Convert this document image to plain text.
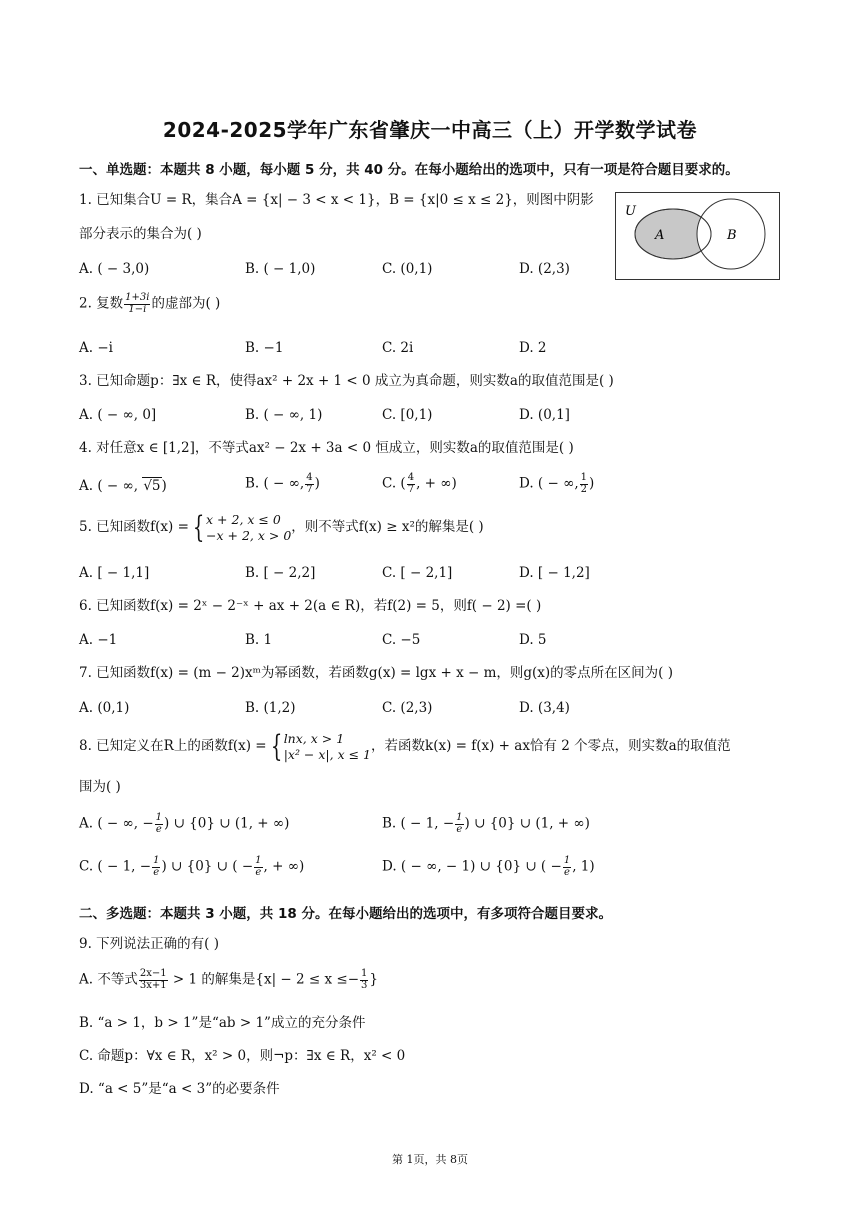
2024-2025学年广东省肇庆一中高三（上）开学数学试卷
一、单选题：本题共 8 小题，每小题 5 分，共 40 分。在每小题给出的选项中，只有一项是符合题目要求的。
1. 已知集合U = R，集合A = {x| − 3 < x < 1}，B = {x|0 ≤ x ≤ 2}，则图中阴影
部分表示的集合为( )
A. ( − 3,0)	B. ( − 1,0)	C. (0,1)	D. (2,3)
U
A	B
2. 复数 $\frac{1+3i}{1-i}$ 的虚部为( )
A. −i	B. −1	C. 2i	D. 2
3. 已知命题p：∃x ∈ R，使得ax² + 2x + 1 < 0 成立为真命题，则实数a的取值范围是( )
A. ( − ∞, 0]	B. ( − ∞, 1)	C. [0,1)	D. (0,1]
4. 对任意x ∈ [1,2]，不等式ax² − 2x + 3a < 0 恒成立，则实数a的取值范围是( )
A. ( − ∞, √5)	B. ( − ∞, $\frac{4}{7}$ )	C. ( $\frac{4}{7}$ , + ∞)	D. ( − ∞, $\frac{1}{2}$ )
5. 已知函数f(x) = { x + 2, x ≤ 0
−x + 2, x > 0 ，则不等式f(x) ≥ x²的解集是( )
A. [ − 1,1]	B. [ − 2,2]	C. [ − 2,1]	D. [ − 1,2]
6. 已知函数f(x) = 2ˣ − 2⁻ˣ + ax + 2(a ∈ R)，若f(2) = 5，则f( − 2) =( )
A. −1	B. 1	C. −5	D. 5
7. 已知函数f(x) = (m − 2)xᵐ为幂函数，若函数g(x) = lgx + x − m，则g(x)的零点所在区间为( )
A. (0,1)	B. (1,2)	C. (2,3)	D. (3,4)
8. 已知定义在R上的函数f(x) = { lnx, x > 1
|x² − x|, x ≤ 1 ，若函数k(x) = f(x) + ax恰有 2 个零点，则实数a的取值范
围为( )
A. ( − ∞, − $\frac{1}{e}$ ) ∪ {0} ∪ (1, + ∞)	B. ( − 1, − $\frac{1}{e}$ ) ∪ {0} ∪ (1, + ∞)
C. ( − 1, − $\frac{1}{e}$ ) ∪ {0} ∪ ( − $\frac{1}{e}$ , + ∞)	D. ( − ∞, − 1) ∪ {0} ∪ ( − $\frac{1}{e}$ , 1)
二、多选题：本题共 3 小题，共 18 分。在每小题给出的选项中，有多项符合题目要求。
9. 下列说法正确的有( )
A. 不等式 $\frac{2x-1}{3x+1} > 1$ 的解集是{$x| - 2 \le x \le- \frac{1}{3}$ }
B. “a > 1，b > 1”是“ab > 1”成立的充分条件
C. 命题p：∀x ∈ R，x² > 0，则¬p：∃x ∈ R，x² < 0
D. “a < 5”是“a < 3”的必要条件
第 1页，共 8页
